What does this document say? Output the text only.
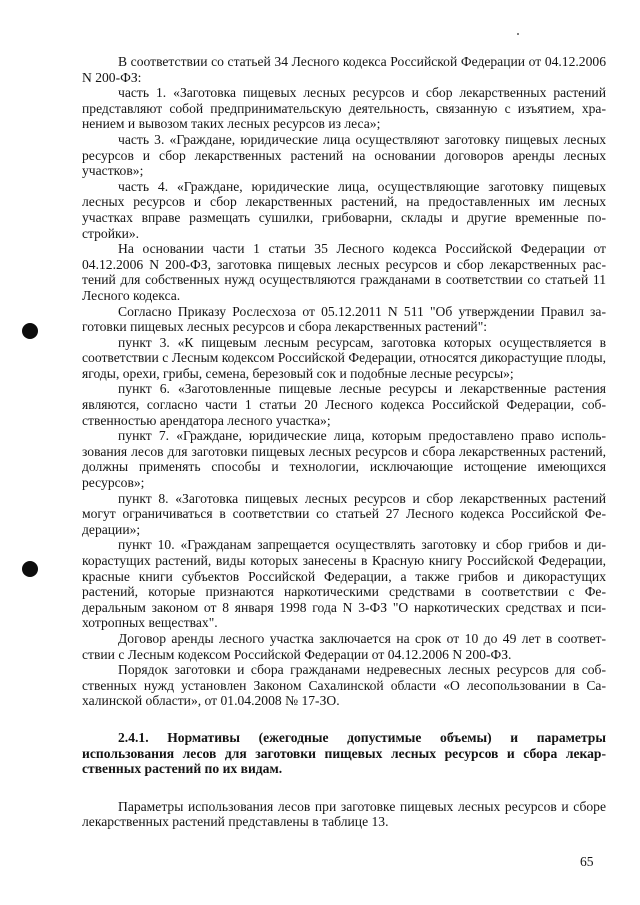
В соответствии со статьей 34 Лесного кодекса Российской Федерации от 04.12.2006 N 200-ФЗ:

часть 1. «Заготовка пищевых лесных ресурсов и сбор лекарственных растений представляют собой предпринимательскую деятельность, связанную с изъятием, хранением и вывозом таких лесных ресурсов из леса»;

часть 3. «Граждане, юридические лица осуществляют заготовку пищевых лесных ресурсов и сбор лекарственных растений на основании договоров аренды лесных участков»;

часть 4. «Граждане, юридические лица, осуществляющие заготовку пищевых лесных ресурсов и сбор лекарственных растений, на предоставленных им лесных участках вправе размещать сушилки, грибоварни, склады и другие временные постройки».

На основании части 1 статьи 35 Лесного кодекса Российской Федерации от 04.12.2006 N 200-ФЗ, заготовка пищевых лесных ресурсов и сбор лекарственных растений для собственных нужд осуществляются гражданами в соответствии со статьей 11 Лесного кодекса.

Согласно Приказу Рослесхоза от 05.12.2011 N 511 "Об утверждении Правил заготовки пищевых лесных ресурсов и сбора лекарственных растений":

пункт 3. «К пищевым лесным ресурсам, заготовка которых осуществляется в соответствии с Лесным кодексом Российской Федерации, относятся дикорастущие плоды, ягоды, орехи, грибы, семена, березовый сок и подобные лесные ресурсы»;

пункт 6. «Заготовленные пищевые лесные ресурсы и лекарственные растения являются, согласно части 1 статьи 20 Лесного кодекса Российской Федерации, собственностью арендатора лесного участка»;

пункт 7. «Граждане, юридические лица, которым предоставлено право использования лесов для заготовки пищевых лесных ресурсов и сбора лекарственных растений, должны применять способы и технологии, исключающие истощение имеющихся ресурсов»;

пункт 8. «Заготовка пищевых лесных ресурсов и сбор лекарственных растений могут ограничиваться в соответствии со статьей 27 Лесного кодекса Российской Федерации»;

пункт 10. «Гражданам запрещается осуществлять заготовку и сбор грибов и дикорастущих растений, виды которых занесены в Красную книгу Российской Федерации, красные книги субъектов Российской Федерации, а также грибов и дикорастущих растений, которые признаются наркотическими средствами в соответствии с Федеральным законом от 8 января 1998 года N 3-ФЗ "О наркотических средствах и психотропных веществах".

Договор аренды лесного участка заключается на срок от 10 до 49 лет в соответствии с Лесным кодексом Российской Федерации от 04.12.2006 N 200-ФЗ.

Порядок заготовки и сбора гражданами недревесных лесных ресурсов для собственных нужд установлен Законом Сахалинской области «О лесопользовании в Сахалинской области», от 01.04.2008 № 17-ЗО.

2.4.1. Нормативы (ежегодные допустимые объемы) и параметры использования лесов для заготовки пищевых лесных ресурсов и сбора лекарственных растений по их видам.

Параметры использования лесов при заготовке пищевых лесных ресурсов и сборе лекарственных растений представлены в таблице 13.

65
